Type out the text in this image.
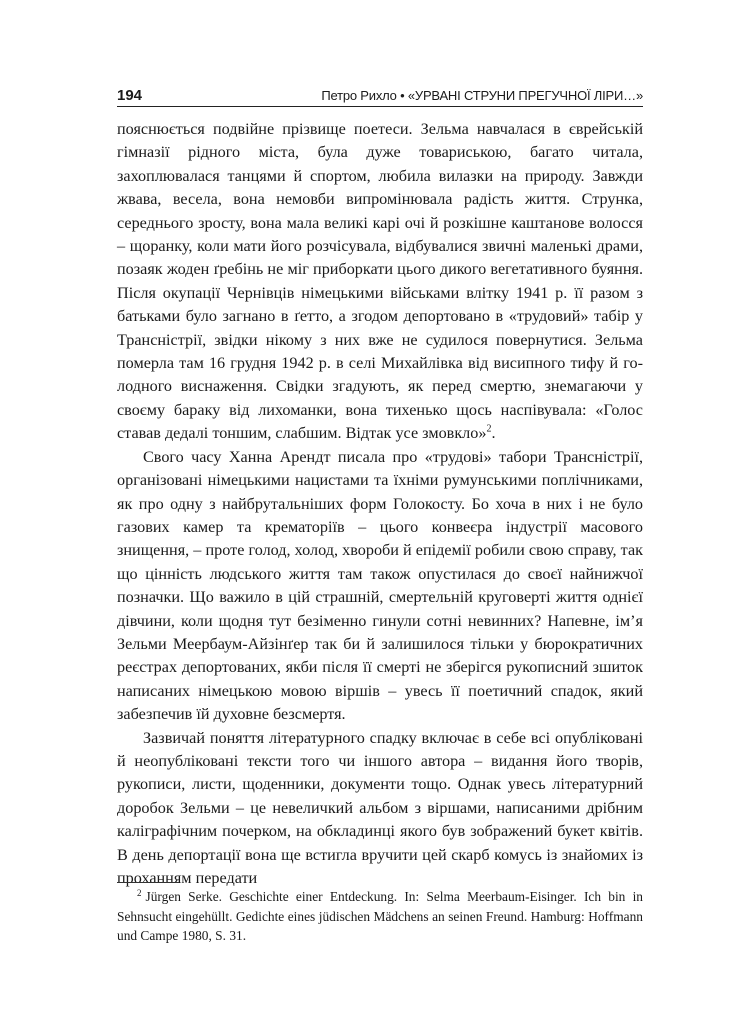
194	Петро Рихло • «УРВАНІ СТРУНИ ПРЕГУЧНОЇ ЛІРИ…»

пояснюється подвійне прізвище поетеси. Зельма навчалася в єврейській гімназії рідного міста, була дуже товариською, багато читала, захоплювалася танцями й спортом, любила вилазки на природу. Завжди жвава, весела, вона немовби випромінювала радість життя. Струнка, середнього зросту, вона мала великі карі очі й розкішне каштанове волосся – щоранку, коли мати його розчісувала, відбувалися звичні маленькі драми, позаяк жоден ґребінь не міг приборкати цього дикого вегетативного буяння. Після окупації Чернівців німецькими військами влітку 1941 р. її разом з батьками було загнано в ґетто, а згодом депортовано в «трудовий» табір у Трансністрії, звідки нікому з них вже не судилося повернутися. Зельма померла там 16 грудня 1942 р. в селі Михайлівка від висипного тифу й голодного виснаження. Свідки згадують, як перед смертю, знемагаючи у своєму бараку від лихоманки, вона тихенько щось наспівувала: «Голос ставав дедалі тоншим, слабшим. Відтак усе змовкло»$^2$.

Свого часу Ханна Арендт писала про «трудові» табори Трансністрії, організовані німецькими нацистами та їхніми румунськими поплічниками, як про одну з найбрутальніших форм Голокосту. Бо хоча в них і не було газових камер та крематоріїв – цього конвеєра індустрії масового знищення, – проте голод, холод, хвороби й епідемії робили свою справу, так що цінність людського життя там також опустилася до своєї найнижчої позначки. Що важило в цій страшній, смертельній круговерті життя однієї дівчини, коли щодня тут безіменно гинули сотні невинних? Напевне, ім’я Зельми Меербаум-Айзінґер так би й залишилося тільки у бюрократичних реєстрах депортованих, якби після її смерті не зберігся рукописний зшиток написаних німецькою мовою віршів – увесь її поетичний спадок, який забезпечив їй духовне безсмертя.

Зазвичай поняття літературного спадку включає в себе всі опубліковані й неопубліковані тексти того чи іншого автора – видання його творів, рукописи, листи, щоденники, документи тощо. Однак увесь літературний доробок Зельми – це невеличкий альбом з віршами, написаними дрібним каліграфічним почерком, на обкладинці якого був зображений букет квітів. В день депортації вона ще встигла вручити цей скарб комусь із знайомих із проханням передати

$^2$ Jürgen Serke. Geschichte einer Entdeckung. In: Selma Meerbaum-Eisinger. Ich bin in Sehnsucht eingehüllt. Gedichte eines jüdischen Mädchens an seinen Freund. Hamburg: Hoffmann und Campe 1980, S. 31.
